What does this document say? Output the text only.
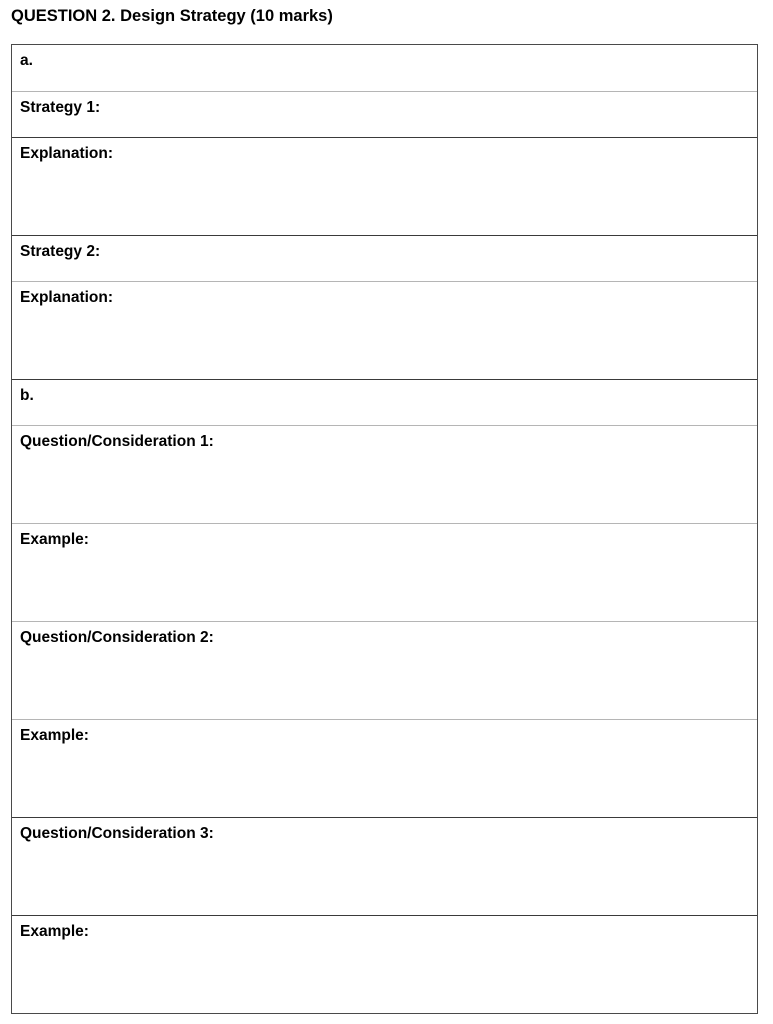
QUESTION 2. Design Strategy (10 marks)
a.
Strategy 1:
Explanation:
Strategy 2:
Explanation:
b.
Question/Consideration 1:
Example:
Question/Consideration 2:
Example:
Question/Consideration 3:
Example:
